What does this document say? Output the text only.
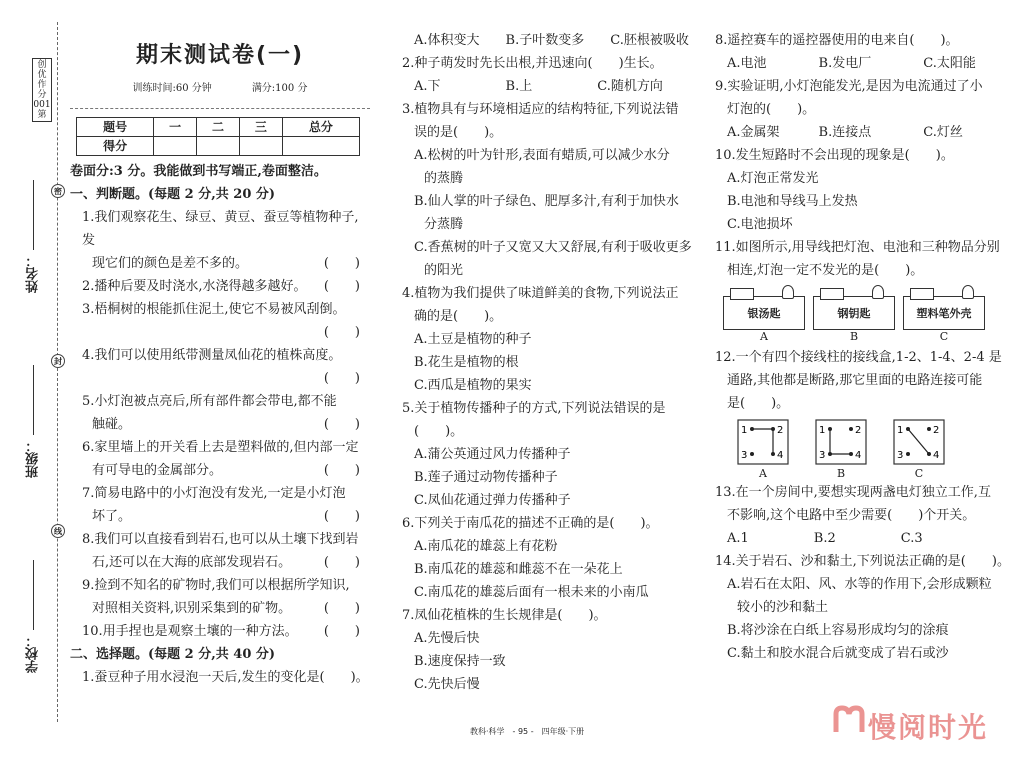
创
优
作
分
001
第
密
封
线
姓名：
班级：
学校：
期末测试卷(一)
训练时间:60 分钟	满分:100 分
题号	一	二	三	总分
得分				

卷面分:3 分。我能做到书写端正,卷面整洁。

一、判断题。(每题 2 分,共 20 分)

1.我们观察花生、绿豆、黄豆、蚕豆等植物种子,发

现它们的颜色是差不多的。	(　　)

2.播种后要及时浇水,水浇得越多越好。 (　　)

3.梧桐树的根能抓住泥土,使它不易被风刮倒。

(　　)

4.我们可以使用纸带测量凤仙花的植株高度。

(　　)

5.小灯泡被点亮后,所有部件都会带电,都不能

触碰。	(　　)

6.家里墙上的开关看上去是塑料做的,但内部一定

有可导电的金属部分。	(　　)

7.简易电路中的小灯泡没有发光,一定是小灯泡

坏了。	(　　)

8.我们可以直接看到岩石,也可以从土壤下找到岩

石,还可以在大海的底部发现岩石。	(　　)

9.捡到不知名的矿物时,我们可以根据所学知识,

对照相关资料,识别采集到的矿物。	(　　)

10.用手捏也是观察土壤的一种方法。 (　　)

二、选择题。(每题 2 分,共 40 分)

1.蚕豆种子用水浸泡一天后,发生的变化是(　　)。

A.体积变大　　B.子叶数变多　　C.胚根被吸收

2.种子萌发时先长出根,并迅速向(　　)生长。

A.下　　　　　B.上　　　　　C.随机方向

3.植物具有与环境相适应的结构特征,下列说法错

误的是(　　)。

A.松树的叶为针形,表面有蜡质,可以减少水分

的蒸腾

B.仙人掌的叶子绿色、肥厚多汁,有利于加快水

分蒸腾

C.香蕉树的叶子又宽又大又舒展,有利于吸收更多

的阳光

4.植物为我们提供了味道鲜美的食物,下列说法正

确的是(　　)。

A.土豆是植物的种子

B.花生是植物的根

C.西瓜是植物的果实

5.关于植物传播种子的方式,下列说法错误的是

(　　)。

A.蒲公英通过风力传播种子

B.莲子通过动物传播种子

C.凤仙花通过弹力传播种子

6.下列关于南瓜花的描述不正确的是(　　)。

A.南瓜花的雄蕊上有花粉

B.南瓜花的雄蕊和雌蕊不在一朵花上

C.南瓜花的雄蕊后面有一根未来的小南瓜

7.凤仙花植株的生长规律是(　　)。

A.先慢后快

B.速度保持一致

C.先快后慢

8.遥控赛车的遥控器使用的电来自(　　)。

A.电池　　　　B.发电厂　　　　C.太阳能

9.实验证明,小灯泡能发光,是因为电流通过了小

灯泡的(　　)。

A.金属架　　　B.连接点　　　　C.灯丝

10.发生短路时不会出现的现象是(　　)。

A.灯泡正常发光

B.电池和导线马上发热

C.电池损坏

11.如图所示,用导线把灯泡、电池和三种物品分别

相连,灯泡一定不发光的是(　　)。

银汤匙
A
钢钥匙
B
塑料笔外壳
C

12.一个有四个接线柱的接线盒,1-2、1-4、2-4 是

通路,其他都是断路,那它里面的电路连接可能

是(　　)。

1	2
3	4
A
1	2
3	4
B
1	2
3	4
C

13.在一个房间中,要想实现两盏电灯独立工作,互

不影响,这个电路中至少需要(　　)个开关。

A.1　　　　　B.2　　　　　C.3

14.关于岩石、沙和黏土,下列说法正确的是(　　)。

A.岩石在太阳、风、水等的作用下,会形成颗粒

较小的沙和黏土

B.将沙涂在白纸上容易形成均匀的涂痕

C.黏土和胶水混合后就变成了岩石或沙

教科·科学　- 95 -　四年级·下册	慢阅时光
